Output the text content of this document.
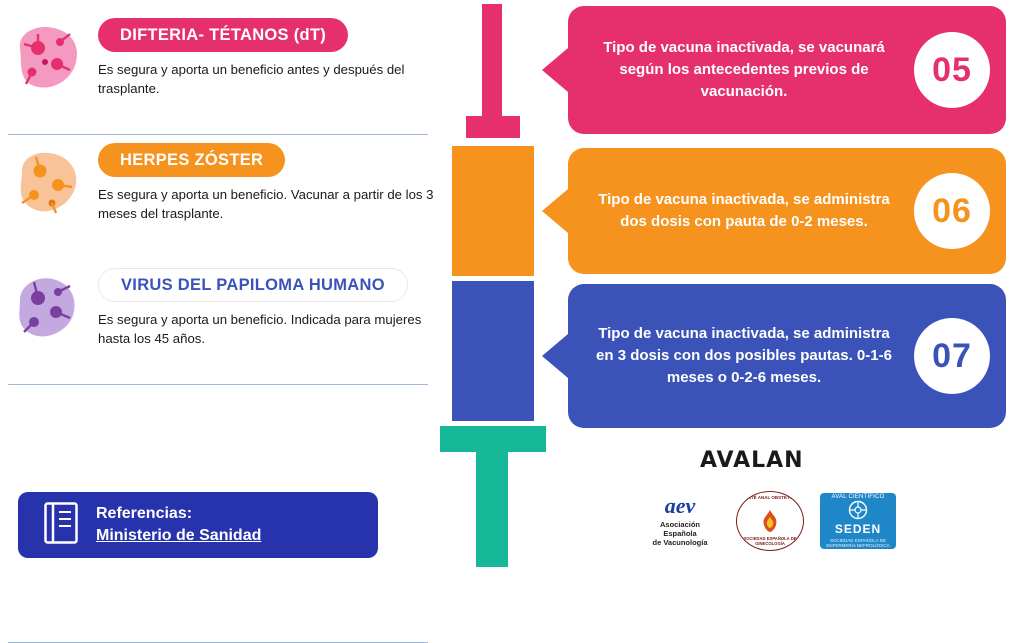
DIFTERIA- TÉTANOS (dT)
Es segura y aporta un beneficio antes y después del trasplante.
HERPES ZÓSTER
Es segura y aporta un beneficio. Vacunar a partir de los 3 meses del trasplante.
VIRUS DEL PAPILOMA HUMANO
Es segura y aporta un beneficio. Indicada para mujeres hasta los 45 años.
Referencias:
Ministerio de Sanidad
Tipo de vacuna inactivada, se vacunará según los antecedentes previos de vacunación.
05
Tipo de vacuna inactivada, se administra dos dosis con pauta de 0-2 meses.	06
Tipo de vacuna inactivada, se administra en 3 dosis con dos posibles pautas. 0-1-6 meses o 0-2-6 meses.
07
AVALAN
aev
Asociación
Española
de Vacunología
COMITÉ ANAL OBSTÉTRICO
SOCIEDAD ESPAÑOLA DE GINECOLOGÍA
AVAL CIENTÍFICO
SEDEN
SOCIEDAD ESPAÑOLA DE ENFERMERÍA NEFROLÓGICA
